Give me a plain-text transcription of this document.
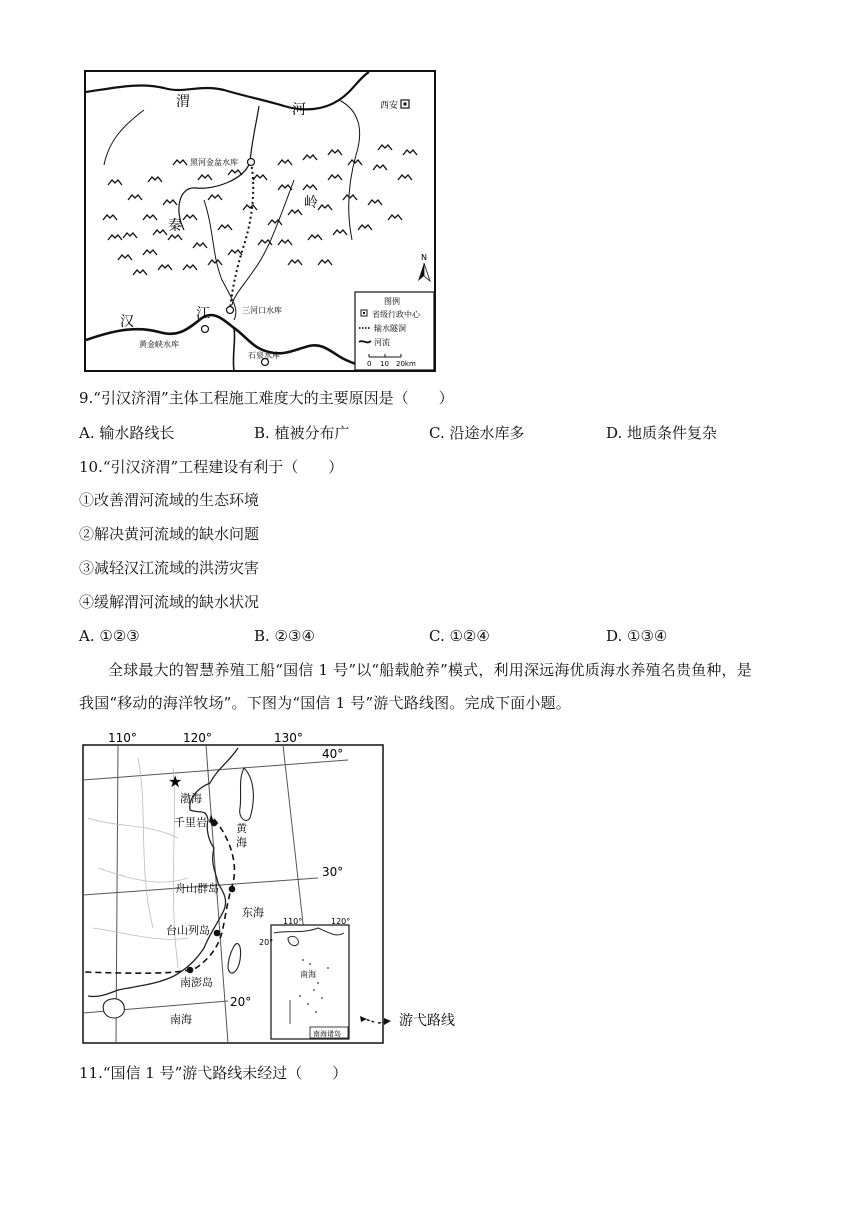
渭	河	西安
黑河金盆水库
秦
岭
汉	江	三河口水库
黄金峡水库
石泉水库
N
图例
省级行政中心
输水隧洞
河流
0 10 20km
9.“引汉济渭”主体工程施工难度大的主要原因是（　　）
A. 输水路线长	B. 植被分布广	C. 沿途水库多	D. 地质条件复杂
10.“引汉济渭”工程建设有利于（　　）
①改善渭河流域的生态环境
②解决黄河流域的缺水问题
③减轻汉江流域的洪涝灾害
④缓解渭河流域的缺水状况
A. ①②③	B. ②③④	C. ①②④	D. ①③④
全球最大的智慧养殖工船“国信 1 号”以“船载舱养”模式，利用深远海优质海水养殖名贵鱼种，是
我国“移动的海洋牧场”。下图为“国信 1 号”游弋路线图。完成下面小题。
110°	120°	130°
40°
30°
20°
★
渤海
千里岩	黄
海
舟山群岛
东海
台山列岛
南澎岛
南海
110°	120°
20°
南海
南海诸岛
游弋路线
11.“国信 1 号”游弋路线未经过（　　）
